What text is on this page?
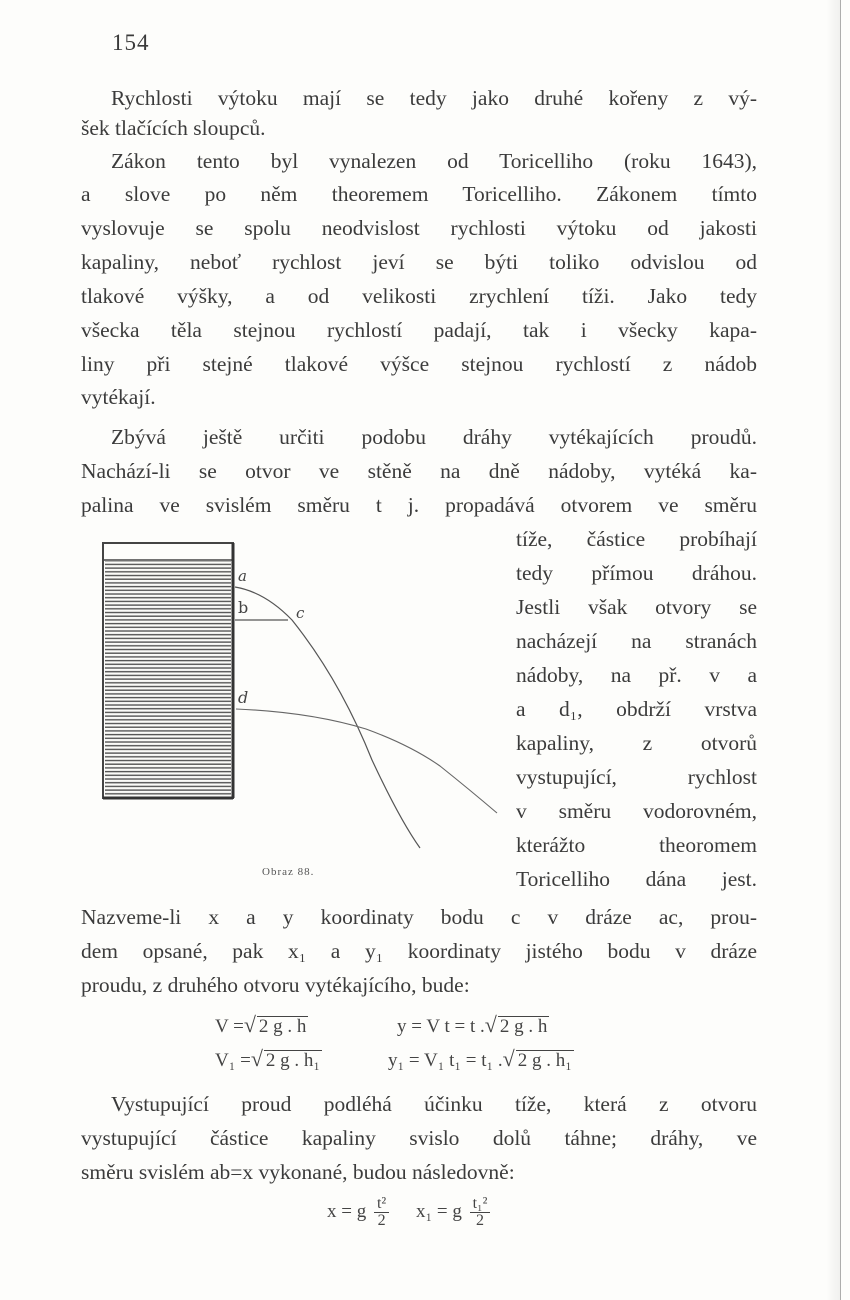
154
Rychlosti výtoku mají se tedy jako druhé kořeny z vý-
šek tlačících sloupců.
Zákon tento byl vynalezen od Toricelliho (roku 1643),
a slove po něm theoremem Toricelliho. Zákonem tímto
vyslovuje se spolu neodvislost rychlosti výtoku od jakosti
kapaliny, neboť rychlost jeví se býti toliko odvislou od
tlakové výšky, a od velikosti zrychlení tíži. Jako tedy
všecka těla stejnou rychlostí padají, tak i všecky kapa-
liny při stejné tlakové výšce stejnou rychlostí z nádob
vytékají.
Zbývá ještě určiti podobu dráhy vytékajících proudů.
Nachází-li se otvor ve stěně na dně nádoby, vytéká ka-
palina ve svislém směru t j. propadává otvorem ve směru
tíže, částice probíhají
tedy přímou dráhou.
Jestli však otvory se
nacházejí na stranách
nádoby, na př. v a
a d₁, obdrží vrstva
kapaliny, z otvorů
vystupující, rychlost
v směru vodorovném,
kterážto theoromem
Toricelliho dána jest.
a
b	c
d
Obraz 88.
Nazveme-li x a y koordinaty bodu c v dráze ac, prou-
dem opsané, pak x₁ a y₁ koordinaty jistého bodu v dráze
proudu, z druhého otvoru vytékajícího, bude:
V =√ 2 g . h	y = V t = t .√ 2 g . h
V₁ =√ 2 g . h₁	y₁ = V₁ t₁ = t₁ .√ 2 g . h₁
Vystupující proud podléhá účinku tíže, která z otvoru
vystupující částice kapaliny svislo dolů táhne; dráhy, ve
směru svislém ab=x vykonané, budou následovně:
x = g $\frac{\text{t²}}{2} x_1 = g \frac{\text{t₁²}}{2}$
